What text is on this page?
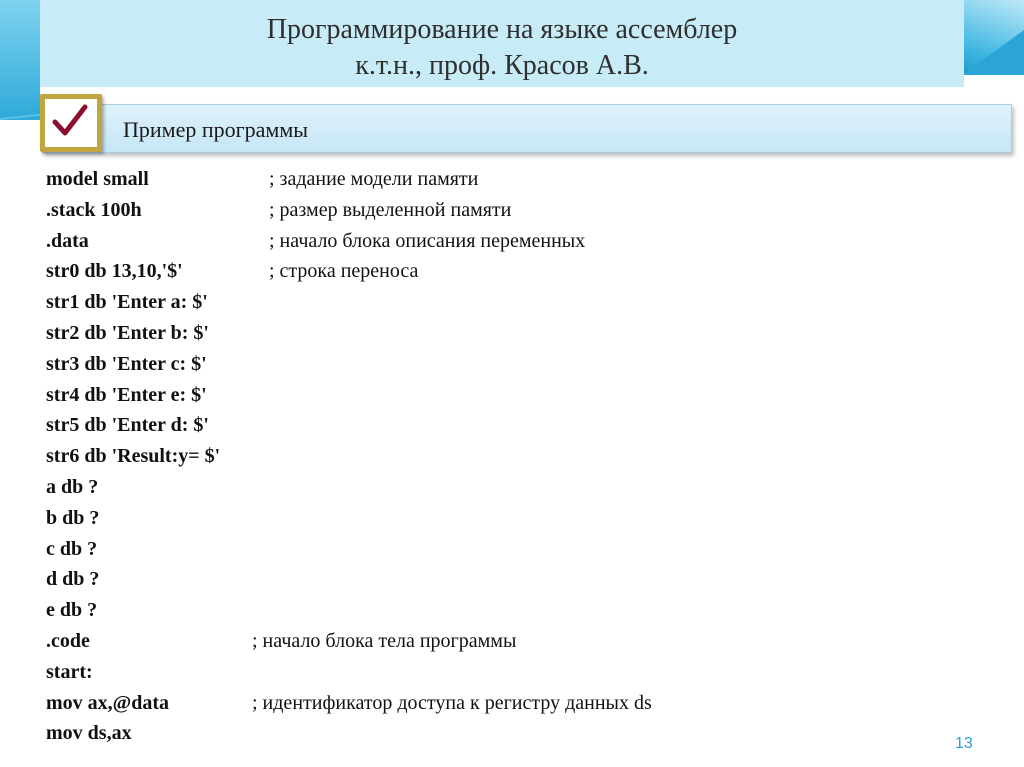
Программирование на языке ассемблер
к.т.н., проф. Красов А.В.
Пример программы
model small	; задание модели памяти
.stack 100h	; размер выделенной памяти
.data	; начало блока описания переменных
str0 db 13,10,'$'	; строка переноса
str1 db 'Enter a: $'
str2 db 'Enter b: $'
str3 db 'Enter c: $'
str4 db 'Enter e: $'
str5 db 'Enter d: $'
str6 db 'Result:y= $'
a db ?
b db ?
c db ?
d db ?
e db ?
.code	; начало блока тела программы
start:
mov ax,@data	; идентификатор доступа к регистру данных ds
mov ds,ax	13
